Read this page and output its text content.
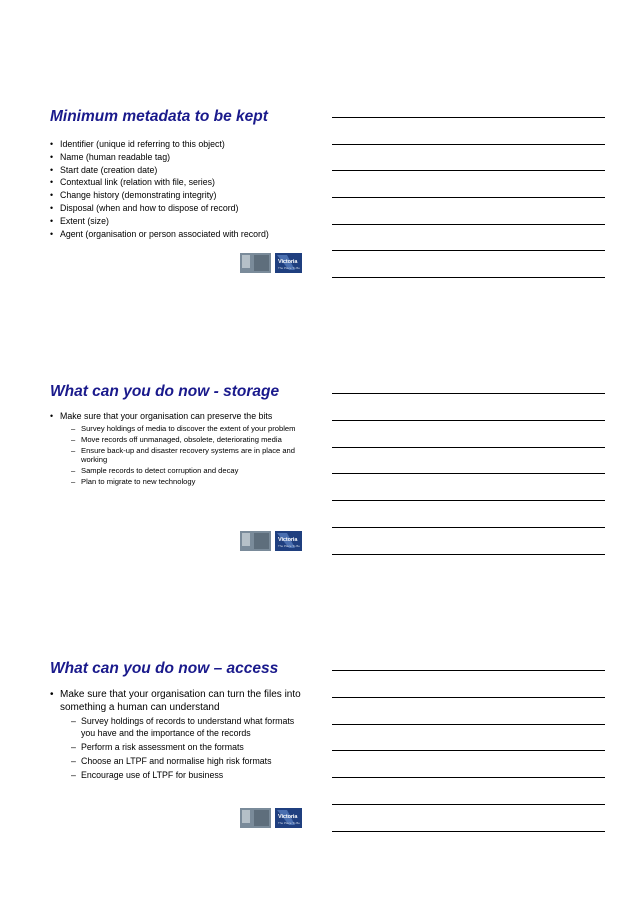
Minimum metadata to be kept
• Identifier (unique id referring to this object)
• Name (human readable tag)
• Start date (creation date)
• Contextual link (relation with file, series)
• Change history (demonstrating integrity)
• Disposal (when and how to dispose of record)
• Extent (size)
• Agent (organisation or person associated with record)
Victoria
The Place To Be
What can you do now - storage
• Make sure that your organisation can preserve the bits
– Survey holdings of media to discover the extent of your problem
– Move records off unmanaged, obsolete, deteriorating media
– Ensure back-up and disaster recovery systems are in place and working
– Sample records to detect corruption and decay
– Plan to migrate to new technology
Victoria
The Place To Be
What can you do now – access
• Make sure that your organisation can turn the files into something a human can understand
– Survey holdings of records to understand what formats you have and the importance of the records
– Perform a risk assessment on the formats
– Choose an LTPF and normalise high risk formats
– Encourage use of LTPF for business
Victoria
The Place To Be
